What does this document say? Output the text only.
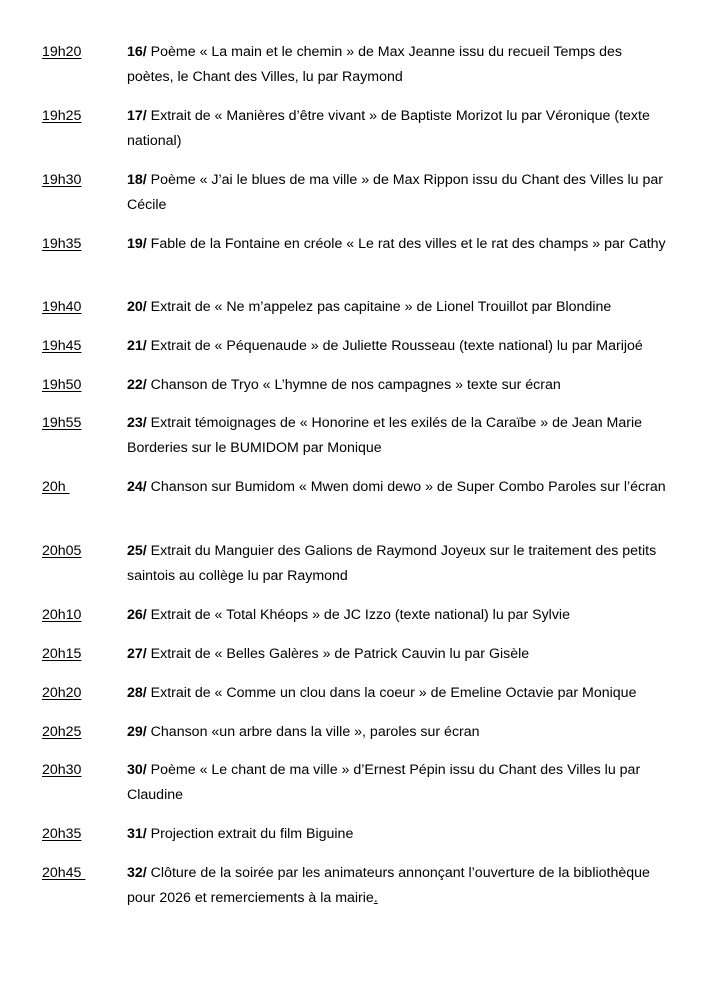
19h20	16/ Poème « La main et le chemin » de Max Jeanne issu du recueil Temps des poètes, le Chant des Villes, lu par Raymond
19h25	17/ Extrait de « Manières d’être vivant » de Baptiste Morizot lu par Véronique (texte national)
19h30	18/ Poème « J’ai le blues de ma ville » de Max Rippon issu du Chant des Villes lu par Cécile
19h35	19/ Fable de la Fontaine en créole « Le rat des villes et le rat des champs » par Cathy
19h40	20/ Extrait de « Ne m’appelez pas capitaine » de Lionel Trouillot par Blondine
19h45	21/ Extrait de « Péquenaude » de Juliette Rousseau (texte national) lu par Marijoé
19h50	22/ Chanson de Tryo « L’hymne de nos campagnes » texte sur écran
19h55	23/ Extrait témoignages de « Honorine et les exilés de la Caraïbe » de Jean Marie Borderies sur le BUMIDOM par Monique
20h	24/ Chanson sur Bumidom « Mwen domi dewo » de Super Combo Paroles sur l’écran
20h05	25/ Extrait du Manguier des Galions de Raymond Joyeux sur le traitement des petits saintois au collège lu par Raymond
20h10	26/ Extrait de « Total Khéops » de JC Izzo (texte national) lu par Sylvie
20h15	27/ Extrait de « Belles Galères » de Patrick Cauvin lu par Gisèle
20h20	28/ Extrait de « Comme un clou dans la coeur » de Emeline Octavie par Monique
20h25	29/ Chanson «un arbre dans la ville », paroles sur écran
20h30	30/ Poème « Le chant de ma ville » d’Ernest Pépin issu du Chant des Villes lu par Claudine
20h35	31/ Projection extrait du film Biguine
20h45	32/ Clôture de la soirée par les animateurs annonçant l’ouverture de la bibliothèque pour 2026 et remerciements à la mairie.
